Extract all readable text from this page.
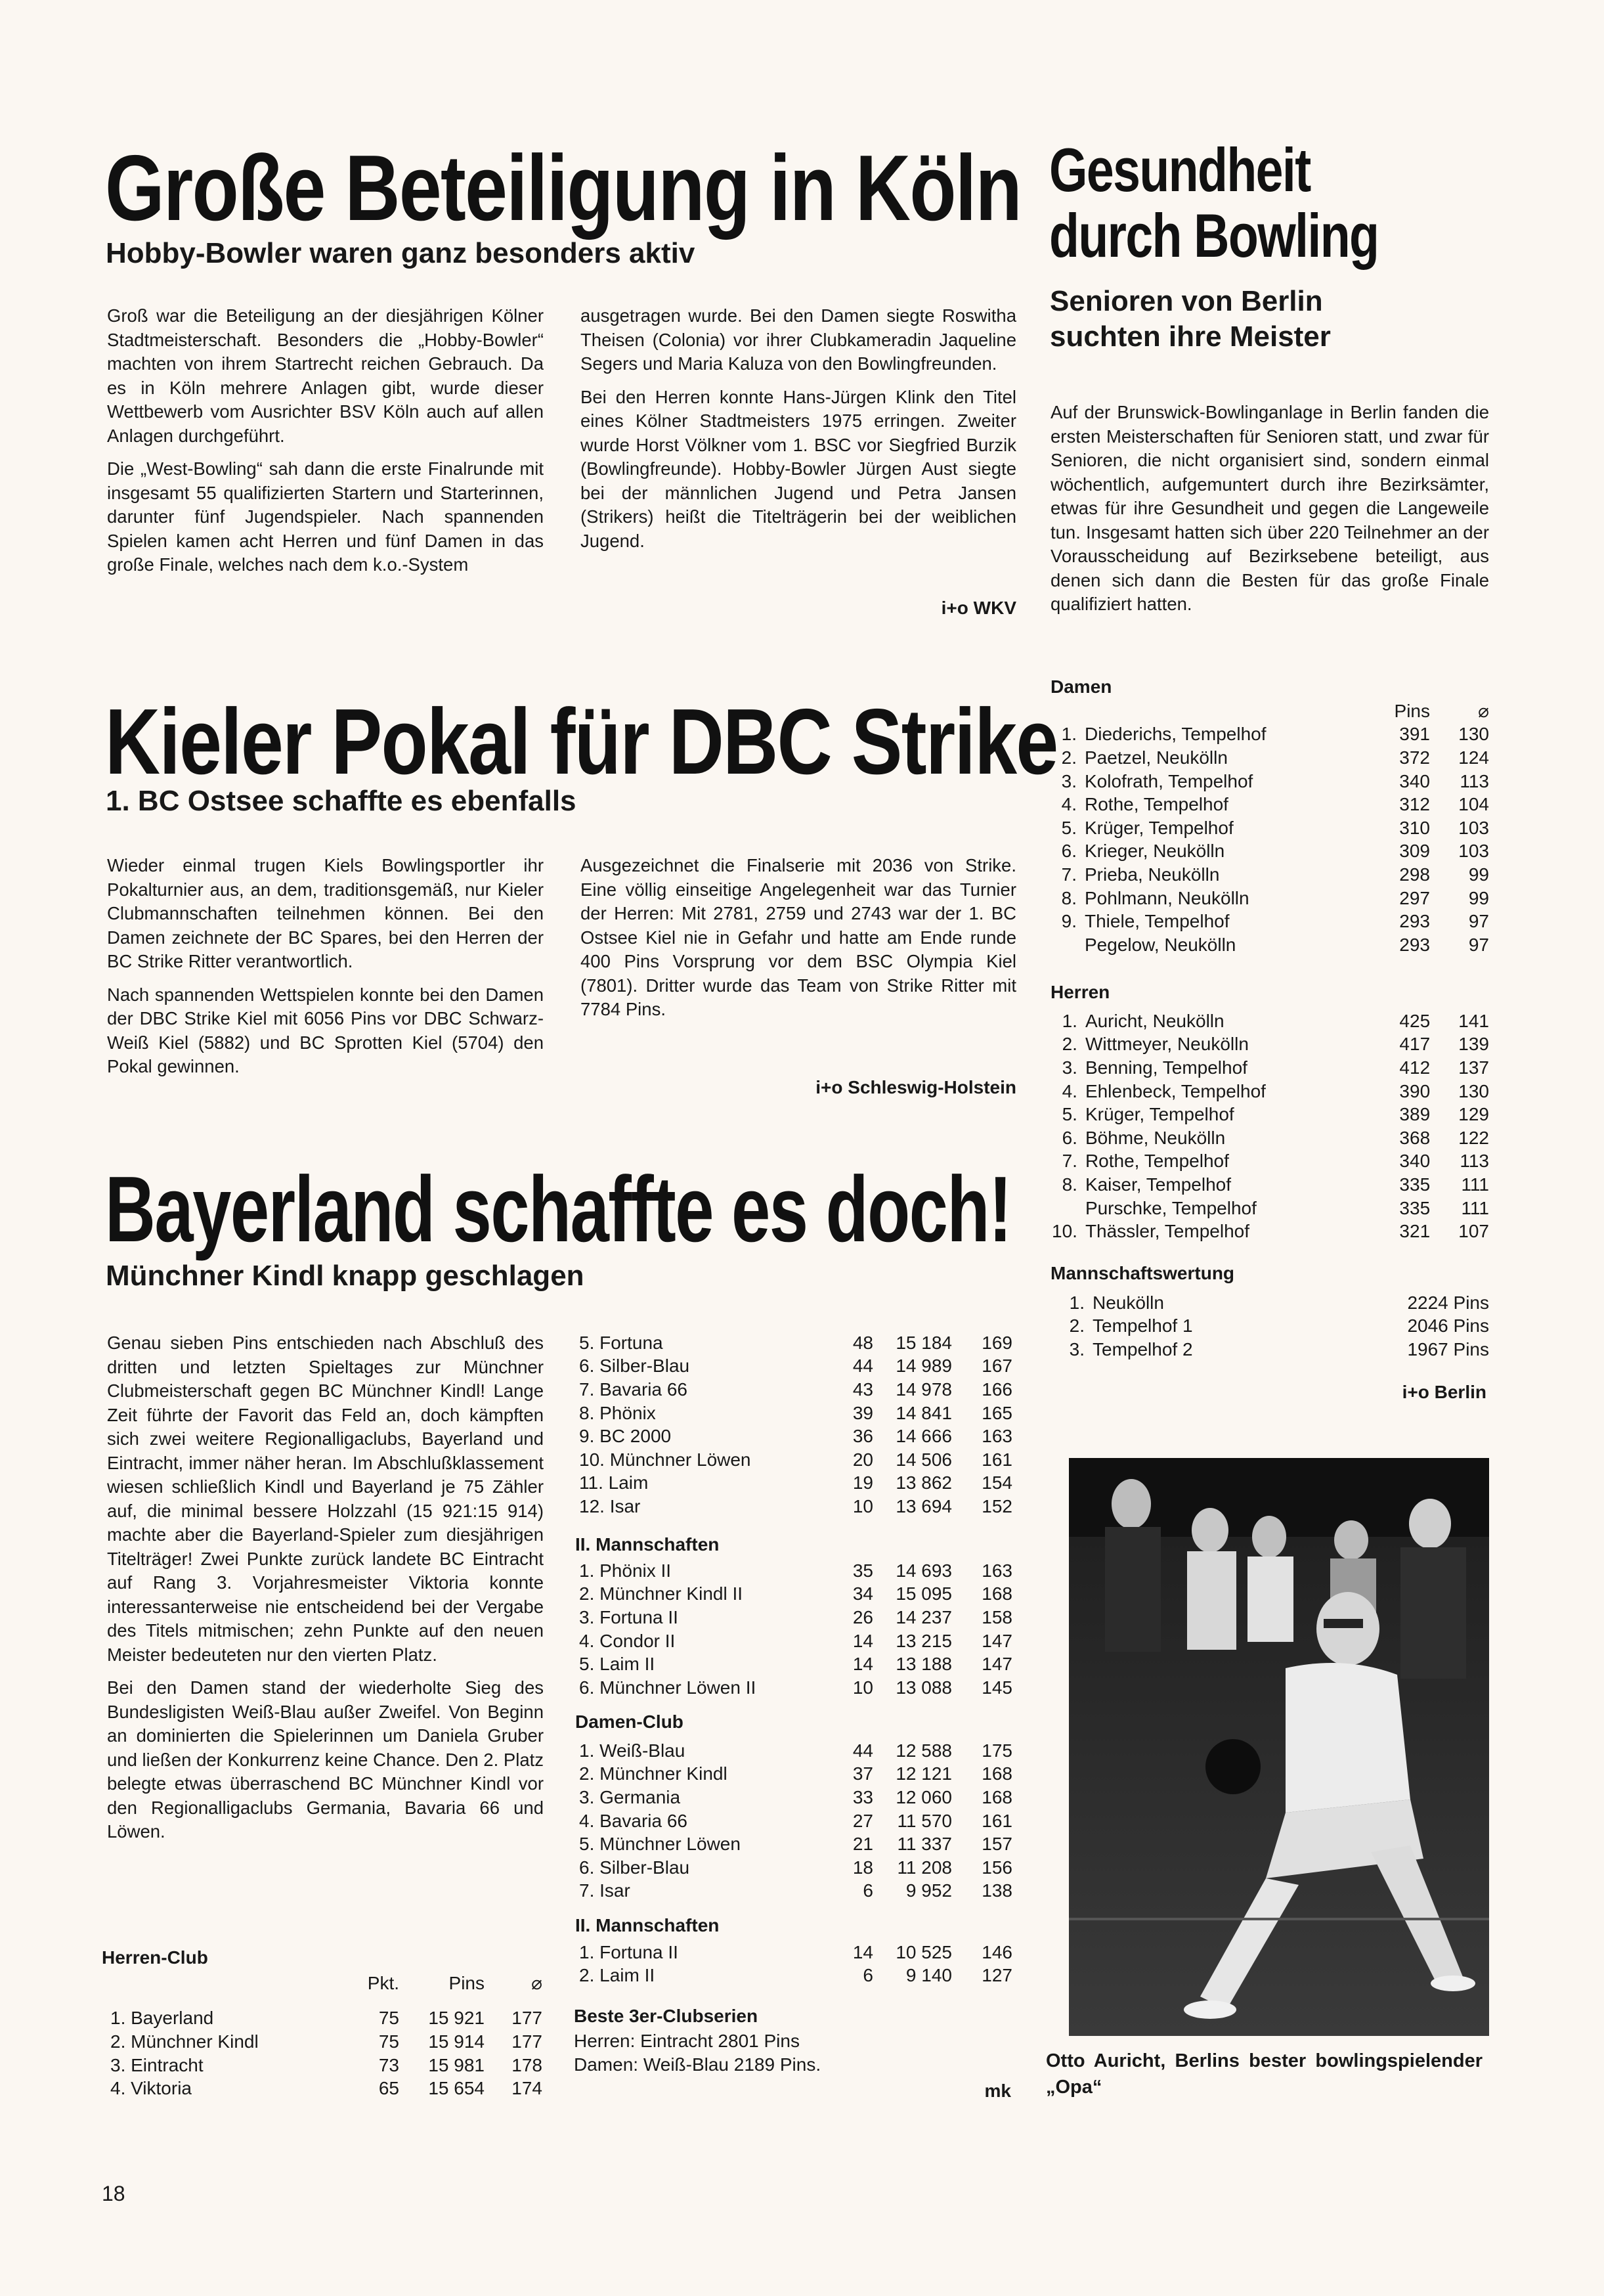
Große Beteiligung in Köln
Hobby-Bowler waren ganz besonders aktiv

Groß war die Beteiligung an der diesjährigen Kölner Stadtmeisterschaft. Besonders die „Hobby-Bowler“ machten von ihrem Startrecht reichen Gebrauch. Da es in Köln mehrere Anlagen gibt, wurde dieser Wettbewerb vom Ausrichter BSV Köln auch auf allen Anlagen durchgeführt.

Die „West-Bowling“ sah dann die erste Finalrunde mit insgesamt 55 qualifizierten Startern und Starterinnen, darunter fünf Jugendspieler. Nach spannenden Spielen kamen acht Herren und fünf Damen in das große Finale, welches nach dem k.o.-System

ausgetragen wurde. Bei den Damen siegte Roswitha Theisen (Colonia) vor ihrer Clubkameradin Jaqueline Segers und Maria Kaluza von den Bowlingfreunden.

Bei den Herren konnte Hans-Jürgen Klink den Titel eines Kölner Stadtmeisters 1975 erringen. Zweiter wurde Horst Völkner vom 1. BSC vor Siegfried Burzik (Bowlingfreunde). Hobby-Bowler Jürgen Aust siegte bei der männlichen Jugend und Petra Jansen (Strikers) heißt die Titelträgerin bei der weiblichen Jugend.

i+o WKV
Kieler Pokal für DBC Strike
1. BC Ostsee schaffte es ebenfalls

Wieder einmal trugen Kiels Bowlingsportler ihr Pokalturnier aus, an dem, traditionsgemäß, nur Kieler Clubmannschaften teilnehmen können. Bei den Damen zeichnete der BC Spares, bei den Herren der BC Strike Ritter verantwortlich.

Nach spannenden Wettspielen konnte bei den Damen der DBC Strike Kiel mit 6056 Pins vor DBC Schwarz-Weiß Kiel (5882) und BC Sprotten Kiel (5704) den Pokal gewinnen.

Ausgezeichnet die Finalserie mit 2036 von Strike. Eine völlig einseitige Angelegenheit war das Turnier der Herren: Mit 2781, 2759 und 2743 war der 1. BC Ostsee Kiel nie in Gefahr und hatte am Ende runde 400 Pins Vorsprung vor dem BSC Olympia Kiel (7801). Dritter wurde das Team von Strike Ritter mit 7784 Pins.

i+o Schleswig-Holstein
Bayerland schaffte es doch!
Münchner Kindl knapp geschlagen

Genau sieben Pins entschieden nach Abschluß des dritten und letzten Spieltages zur Münchner Clubmeisterschaft gegen BC Münchner Kindl! Lange Zeit führte der Favorit das Feld an, doch kämpften sich zwei weitere Regionalligaclubs, Bayerland und Eintracht, immer näher heran. Im Abschlußklassement wiesen schließlich Kindl und Bayerland je 75 Zähler auf, die minimal bessere Holzzahl (15 921:15 914) machte aber die Bayerland-Spieler zum diesjährigen Titelträger! Zwei Punkte zurück landete BC Eintracht auf Rang 3. Vorjahresmeister Viktoria konnte interessanterweise nie entscheidend bei der Vergabe des Titels mitmischen; zehn Punkte auf den neuen Meister bedeuteten nur den vierten Platz.

Bei den Damen stand der wiederholte Sieg des Bundesligisten Weiß-Blau außer Zweifel. Von Beginn an dominierten die Spielerinnen um Daniela Gruber und ließen der Konkurrenz keine Chance. Den 2. Platz belegte etwas überraschend BC Münchner Kindl vor den Regionalligaclubs Germania, Bavaria 66 und Löwen.

Herren-Club
	Pkt.	Pins	⌀

1. Bayerland	75	15 921	177
2. Münchner Kindl	75	15 914	177
3. Eintracht	73	15 981	178
4. Viktoria	65	15 654	174
5. Fortuna	48	15 184	169
6. Silber-Blau	44	14 989	167
7. Bavaria 66	43	14 978	166
8. Phönix	39	14 841	165
9. BC 2000	36	14 666	163
10. Münchner Löwen	20	14 506	161
11. Laim	19	13 862	154
12. Isar	10	13 694	152
II. Mannschaften
1. Phönix II	35	14 693	163
2. Münchner Kindl II	34	15 095	168
3. Fortuna II	26	14 237	158
4. Condor II	14	13 215	147
5. Laim II	14	13 188	147
6. Münchner Löwen II	10	13 088	145
Damen-Club
1. Weiß-Blau	44	12 588	175
2. Münchner Kindl	37	12 121	168
3. Germania	33	12 060	168
4. Bavaria 66	27	11 570	161
5. Münchner Löwen	21	11 337	157
6. Silber-Blau	18	11 208	156
7. Isar	6	9 952	138
II. Mannschaften
1. Fortuna II	14	10 525	146
2. Laim II	6	9 140	127
Beste 3er-Clubserien
Herren: Eintracht 2801 Pins
Damen: Weiß-Blau 2189 Pins.
mk
Gesundheit
durch Bowling
Senioren von Berlin
suchten ihre Meister
Auf der Brunswick-Bowlinganlage in Berlin fanden die ersten Meisterschaften für Senioren statt, und zwar für Senioren, die nicht organisiert sind, sondern einmal wöchentlich, aufgemuntert durch ihre Bezirksämter, etwas für ihre Gesundheit und gegen die Langeweile tun. Insgesamt hatten sich über 220 Teilnehmer an der Vorausscheidung auf Bezirksebene beteiligt, aus denen sich dann die Besten für das große Finale qualifiziert hatten.
Damen
		Pins	⌀
1.	Diederichs, Tempelhof	391	130
2.	Paetzel, Neukölln	372	124
3.	Kolofrath, Tempelhof	340	113
4.	Rothe, Tempelhof	312	104
5.	Krüger, Tempelhof	310	103
6.	Krieger, Neukölln	309	103
7.	Prieba, Neukölln	298	99
8.	Pohlmann, Neukölln	297	99
9.	Thiele, Tempelhof	293	97
	Pegelow, Neukölln	293	97
Herren
1.	Auricht, Neukölln	425	141
2.	Wittmeyer, Neukölln	417	139
3.	Benning, Tempelhof	412	137
4.	Ehlenbeck, Tempelhof	390	130
5.	Krüger, Tempelhof	389	129
6.	Böhme, Neukölln	368	122
7.	Rothe, Tempelhof	340	113
8.	Kaiser, Tempelhof	335	111
	Purschke, Tempelhof	335	111
10.	Thässler, Tempelhof	321	107
Mannschaftswertung
1.	Neukölln	2224 Pins
2.	Tempelhof 1	2046 Pins
3.	Tempelhof 2	1967 Pins
i+o Berlin
Otto Auricht, Berlins bester bowlingspielender „Opa“
18
